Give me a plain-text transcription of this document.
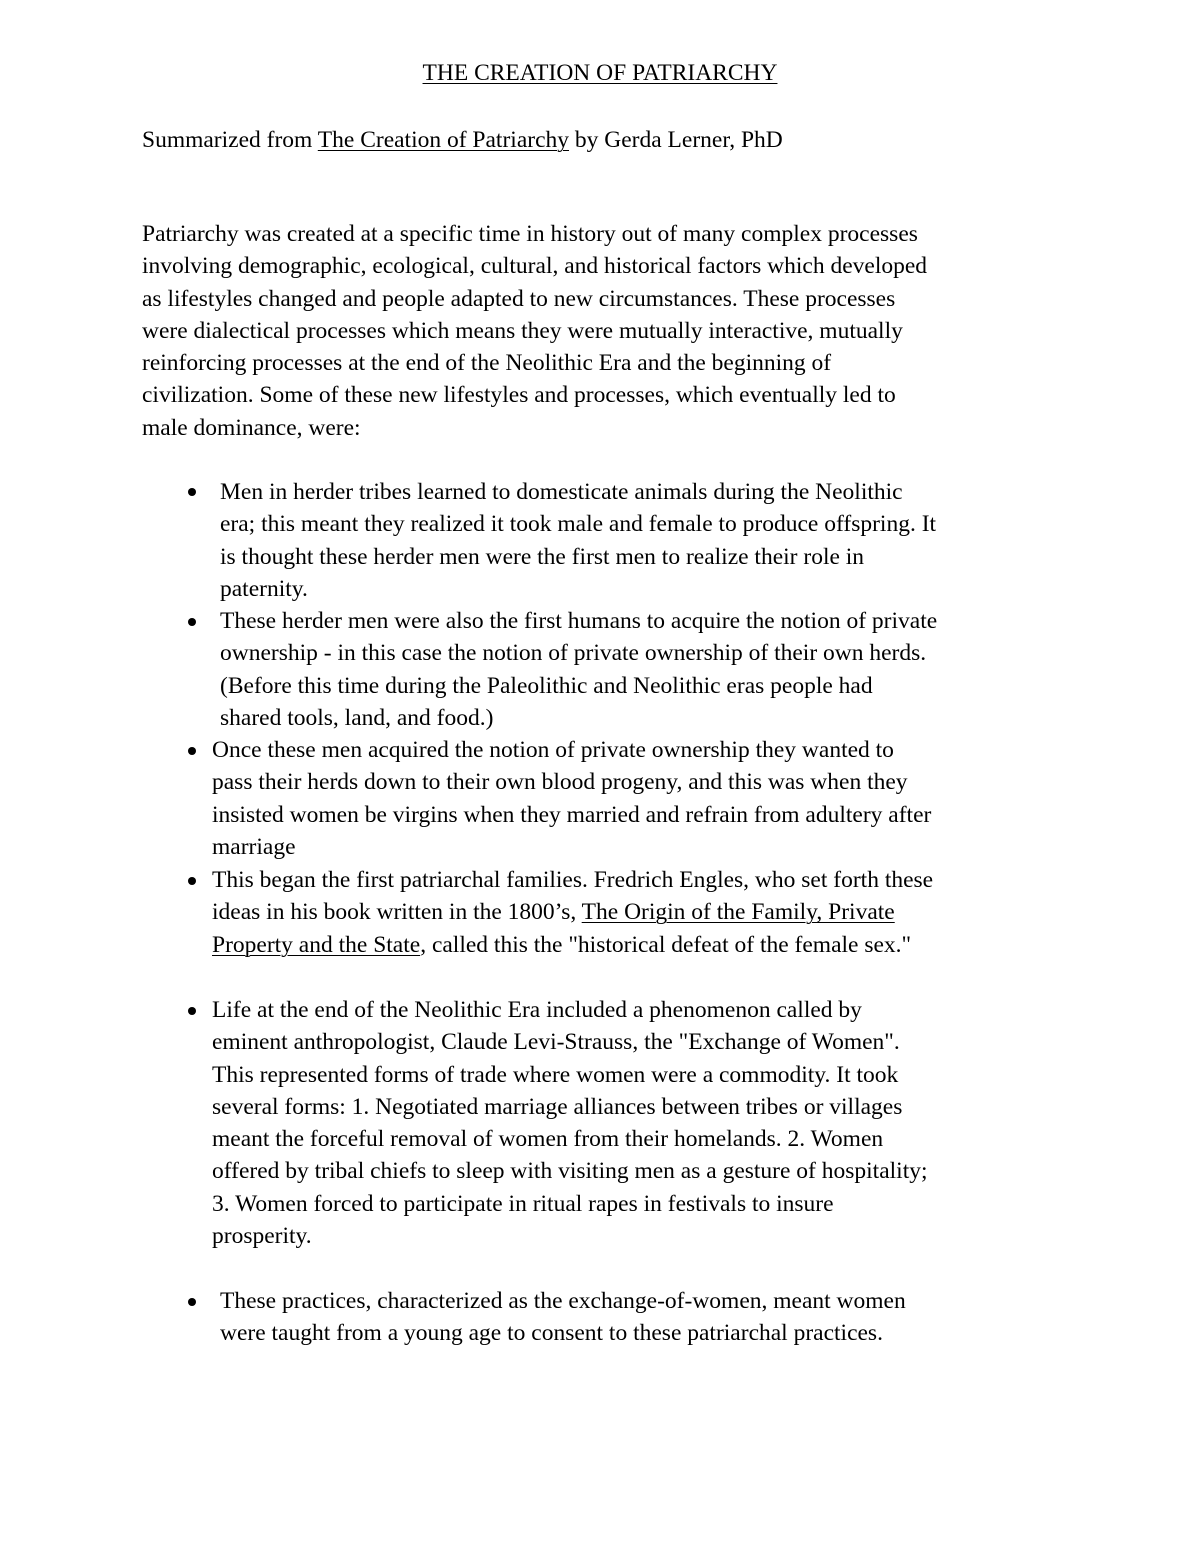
THE CREATION OF PATRIARCHY

Summarized from The Creation of Patriarchy by Gerda Lerner, PhD

Patriarchy was created at a specific time in history out of many complex processes
involving demographic, ecological, cultural, and historical factors which developed
as lifestyles changed and people adapted to new circumstances. These processes
were dialectical processes which means they were mutually interactive, mutually
reinforcing processes at the end of the Neolithic Era and the beginning of
civilization. Some of these new lifestyles and processes, which eventually led to
male dominance, were:

Men in herder tribes learned to domesticate animals during the Neolithic
era; this meant they realized it took male and female to produce offspring. It
is thought these herder men were the first men to realize their role in
paternity.

These herder men were also the first humans to acquire the notion of private
ownership - in this case the notion of private ownership of their own herds.
(Before this time during the Paleolithic and Neolithic eras people had
shared tools, land, and food.)

Once these men acquired the notion of private ownership they wanted to
pass their herds down to their own blood progeny, and this was when they
insisted women be virgins when they married and refrain from adultery after
marriage

This began the first patriarchal families. Fredrich Engles, who set forth these
ideas in his book written in the 1800’s, The Origin of the Family, Private
Property and the State, called this the "historical defeat of the female sex."

Life at the end of the Neolithic Era included a phenomenon called by
eminent anthropologist, Claude Levi-Strauss, the "Exchange of Women".
This represented forms of trade where women were a commodity. It took
several forms: 1. Negotiated marriage alliances between tribes or villages
meant the forceful removal of women from their homelands. 2. Women
offered by tribal chiefs to sleep with visiting men as a gesture of hospitality;
3. Women forced to participate in ritual rapes in festivals to insure
prosperity.

These practices, characterized as the exchange-of-women, meant women
were taught from a young age to consent to these patriarchal practices.
